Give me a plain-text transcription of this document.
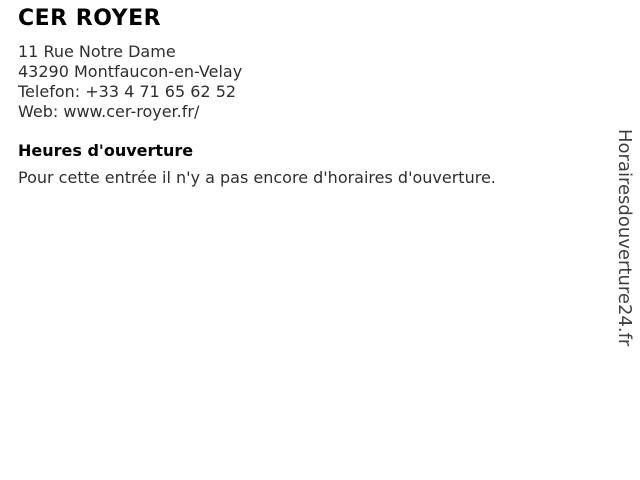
CER ROYER
11 Rue Notre Dame
43290 Montfaucon-en-Velay
Telefon: +33 4 71 65 62 52
Web: www.cer-royer.fr/
Heures d'ouverture

Pour cette entrée il n'y a pas encore d'horaires d'ouverture.	Horairesdouverture24.fr
